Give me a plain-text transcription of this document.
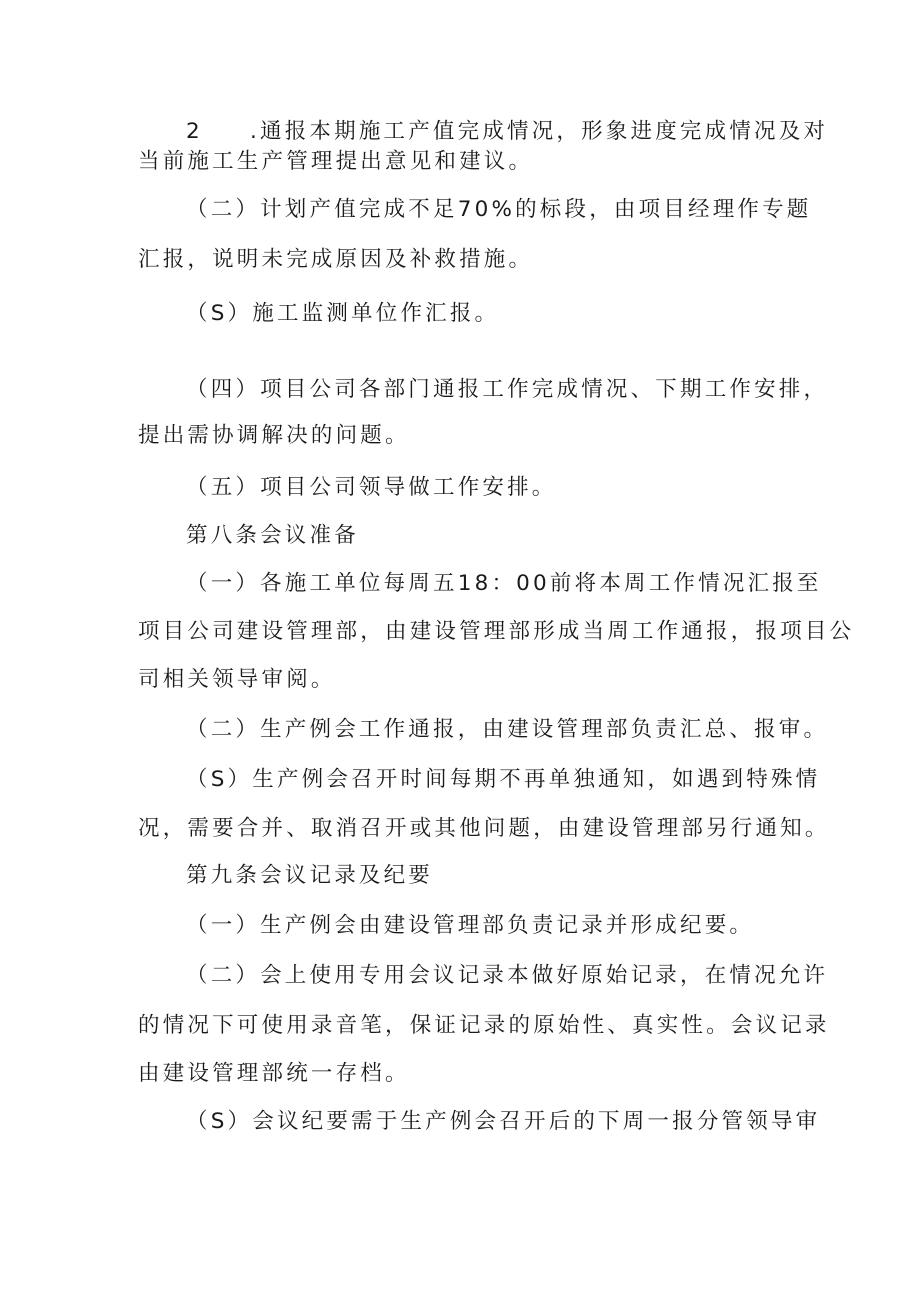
2 .通报本期施工产值完成情况，形象进度完成情况及对
当前施工生产管理提出意见和建议。
（二）计划产值完成不足70%的标段，由项目经理作专题
汇报，说明未完成原因及补救措施。
（S）施工监测单位作汇报。
（四）项目公司各部门通报工作完成情况、下期工作安排，
提出需协调解决的问题。
（五）项目公司领导做工作安排。
第八条会议准备
（一）各施工单位每周五18：00前将本周工作情况汇报至
项目公司建设管理部，由建设管理部形成当周工作通报，报项目公
司相关领导审阅。
（二）生产例会工作通报，由建设管理部负责汇总、报审。
（S）生产例会召开时间每期不再单独通知，如遇到特殊情
况，需要合并、取消召开或其他问题，由建设管理部另行通知。
第九条会议记录及纪要
（一）生产例会由建设管理部负责记录并形成纪要。
（二）会上使用专用会议记录本做好原始记录，在情况允许
的情况下可使用录音笔，保证记录的原始性、真实性。会议记录
由建设管理部统一存档。
（S）会议纪要需于生产例会召开后的下周一报分管领导审
